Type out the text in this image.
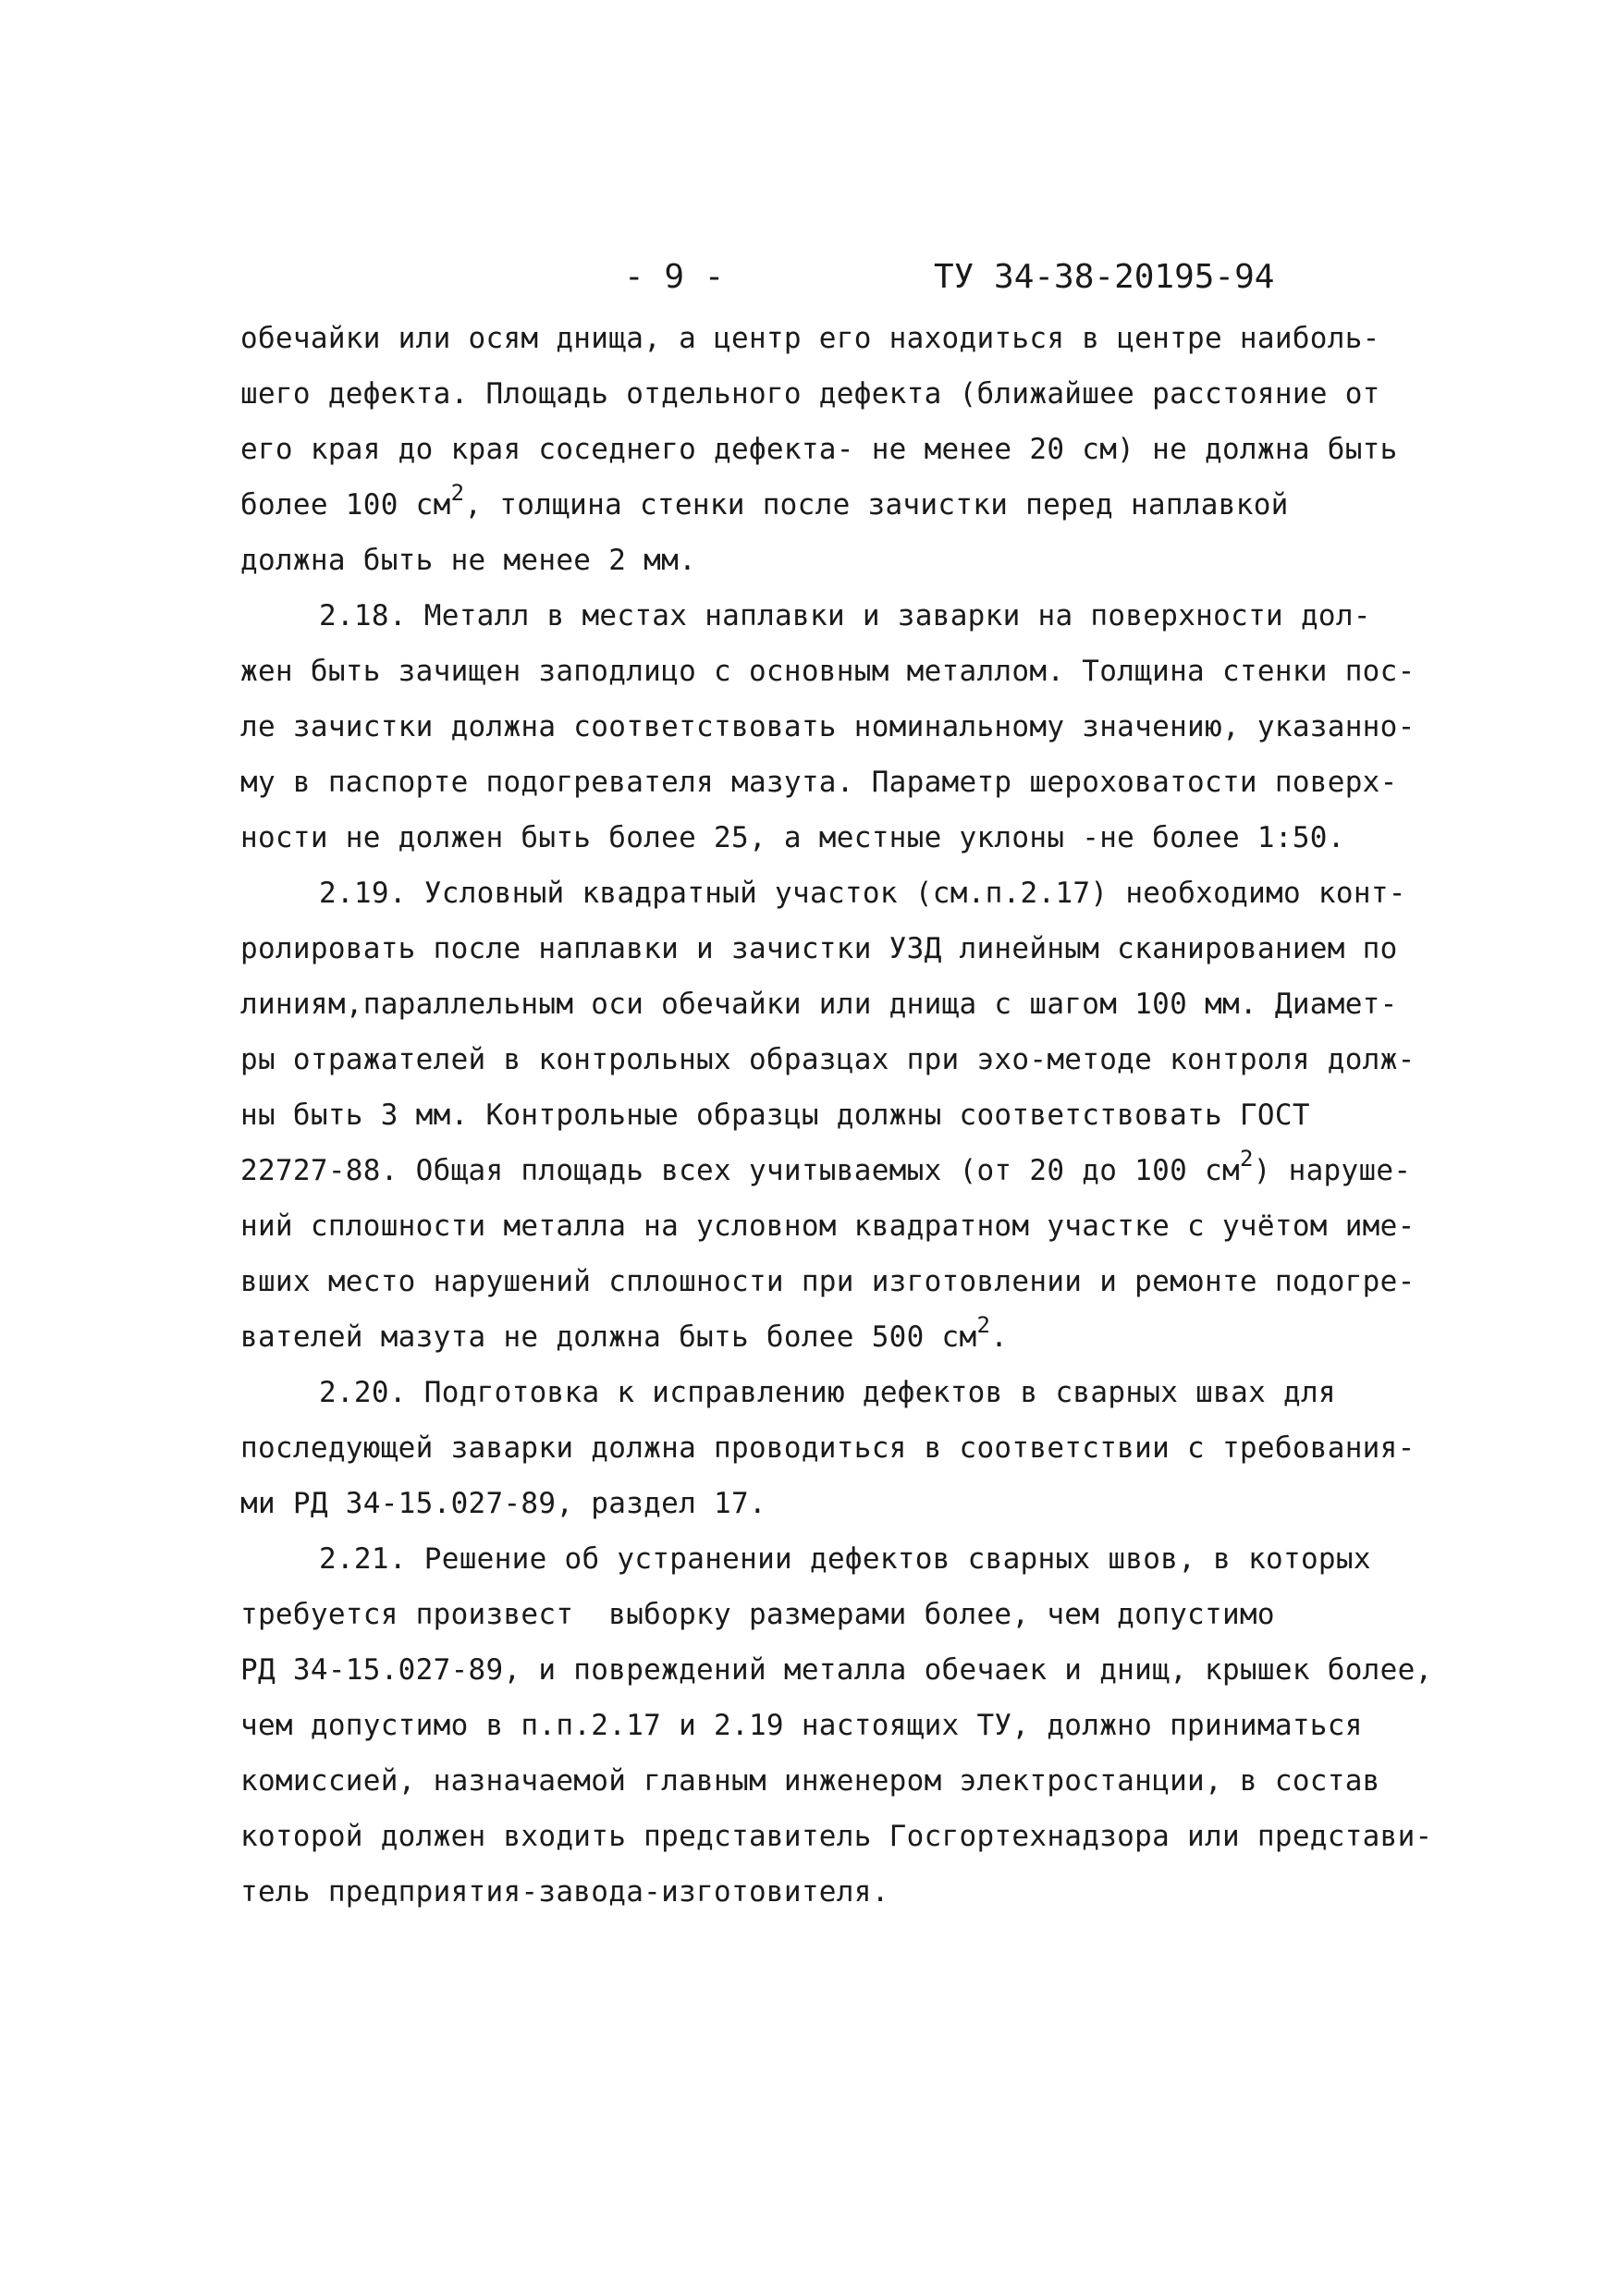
- 9 -	ТУ 34-38-20195-94
обечайки или осям днища, а центр его находиться в центре наиболь-
шего дефекта. Площадь отдельного дефекта (ближайшее расстояние от
его края до края соседнего дефекта- не менее 20 см) не должна быть
более 100 $см^2$, толщина стенки после зачистки перед наплавкой
должна быть не менее 2 мм.
2.18. Металл в местах наплавки и заварки на поверхности дол-
жен быть зачищен заподлицо с основным металлом. Толщина стенки пос-
ле зачистки должна соответствовать номинальному значению, указанно-
му в паспорте подогревателя мазута. Параметр шероховатости поверх-
ности не должен быть более 25, а местные уклоны -не более 1:50.
2.19. Условный квадратный участок (см.п.2.17) необходимо конт-
ролировать после наплавки и зачистки УЗД линейным сканированием по
линиям,параллельным оси обечайки или днища с шагом 100 мм. Диамет-
ры отражателей в контрольных образцах при эхо-методе контроля долж-
ны быть 3 мм. Контрольные образцы должны соответствовать ГОСТ
22727-88. Общая площадь всех учитываемых (от 20 до 100 $см^2$) наруше-
ний сплошности металла на условном квадратном участке с учётом име-
вших место нарушений сплошности при изготовлении и ремонте подогре-
вателей мазута не должна быть более 500 $см^2$.
2.20. Подготовка к исправлению дефектов в сварных швах для
последующей заварки должна проводиться в соответствии с требования-
ми РД 34-15.027-89, раздел 17.
2.21. Решение об устранении дефектов сварных швов, в которых
требуется произвест  выборку размерами более, чем допустимо
РД 34-15.027-89, и повреждений металла обечаек и днищ, крышек более,
чем допустимо в п.п.2.17 и 2.19 настоящих ТУ, должно приниматься
комиссией, назначаемой главным инженером электростанции, в состав
которой должен входить представитель Госгортехнадзора или представи-
тель предприятия-завода-изготовителя.
